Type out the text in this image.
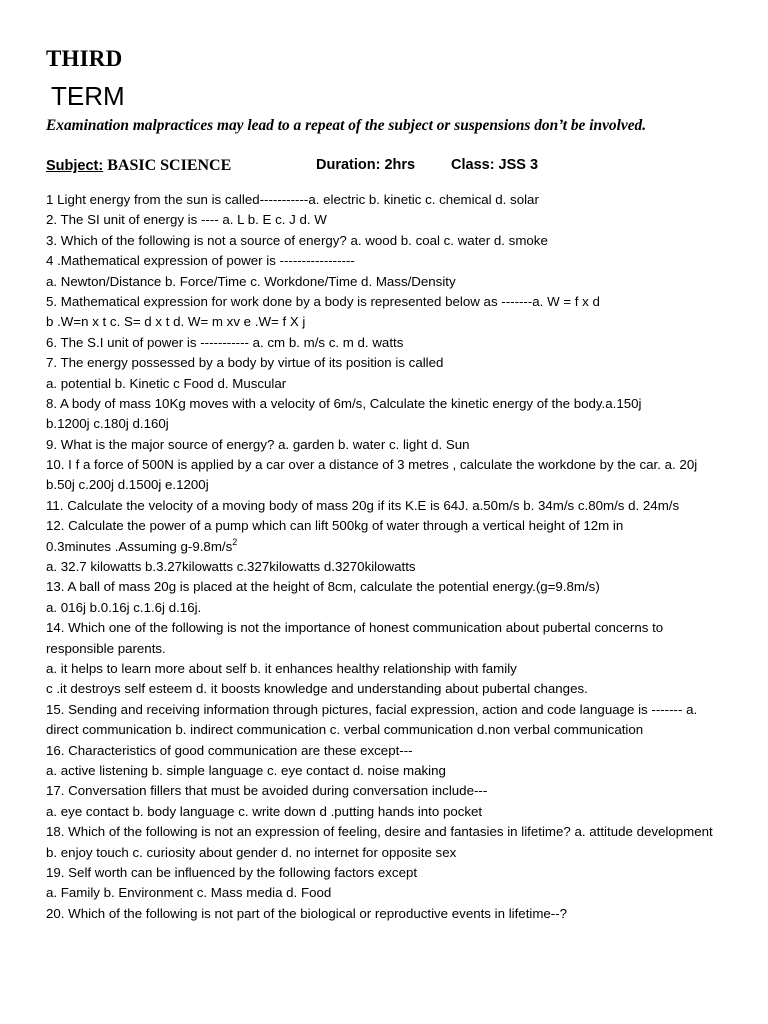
THIRD
TERM
Examination malpractices may lead to a repeat of the subject or suspensions don’t be involved.
Subject: BASIC SCIENCE	Duration: 2hrs Class: JSS 3
1 Light energy from the sun is called-----------a. electric b. kinetic c. chemical d. solar
2. The SI unit of energy is ---- a. L b. E c. J d. W
3. Which of the following is not a source of energy? a. wood b. coal c. water d. smoke
4 .Mathematical expression of power is -----------------
a. Newton/Distance b. Force/Time c. Workdone/Time d. Mass/Density
5. Mathematical expression for work done by a body is represented below as -------a. W = f x d
b .W=n x t c. S= d x t d. W= m xv e .W= f X j
6. The S.I unit of power is ----------- a. cm b. m/s c. m d. watts
7. The energy possessed by a body by virtue of its position is called
a. potential b. Kinetic c Food d. Muscular
8. A body of mass 10Kg moves with a velocity of 6m/s, Calculate the kinetic energy of the body.a.150j
b.1200j c.180j d.160j
9. What is the major source of energy? a. garden b. water c. light d. Sun
10. I f a force of 500N is applied by a car over a distance of 3 metres , calculate the workdone by the car. a. 20j b.50j c.200j d.1500j e.1200j
11. Calculate the velocity of a moving body of mass 20g if its K.E is 64J. a.50m/s b. 34m/s c.80m/s d. 24m/s
12. Calculate the power of a pump which can lift 500kg of water through a vertical height of 12m in
0.3minutes .Assuming $g-9.8m/s^2$
a. 32.7 kilowatts b.3.27kilowatts c.327kilowatts d.3270kilowatts
13. A ball of mass 20g is placed at the height of 8cm, calculate the potential energy.(g=9.8m/s)
a. 016j b.0.16j c.1.6j d.16j.
14. Which one of the following is not the importance of honest communication about pubertal concerns to responsible parents.
a. it helps to learn more about self b. it enhances healthy relationship with family
c .it destroys self esteem d. it boosts knowledge and understanding about pubertal changes.
15. Sending and receiving information through pictures, facial expression, action and code language is ------- a. direct communication b. indirect communication c. verbal communication d.non verbal communication
16. Characteristics of good communication are these except---
a. active listening b. simple language c. eye contact d. noise making
17. Conversation fillers that must be avoided during conversation include---
a. eye contact b. body language c. write down d .putting hands into pocket
18. Which of the following is not an expression of feeling, desire and fantasies in lifetime? a. attitude development b. enjoy touch c. curiosity about gender d. no internet for opposite sex
19. Self worth can be influenced by the following factors except
a. Family b. Environment c. Mass media d. Food
20. Which of the following is not part of the biological or reproductive events in lifetime--?
